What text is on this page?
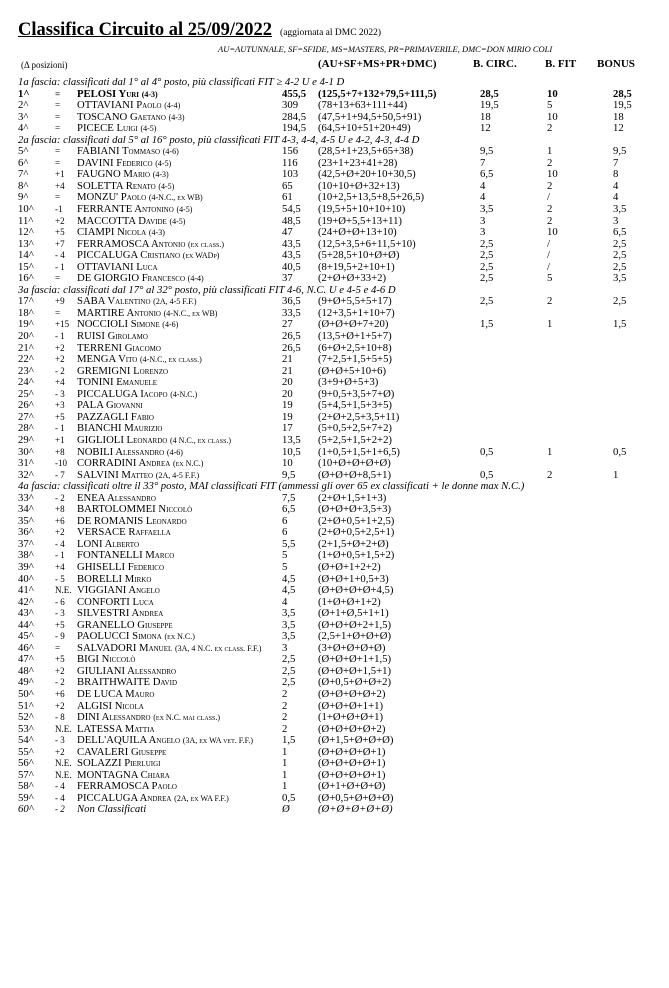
Classifica Circuito al 25/09/2022 (aggiornata al DMC 2022)
AU=AUTUNNALE, SF=SFIDE, MS=MASTERS, PR=PRIMAVERILE, DMC=DON MIRIO COLI
(Δ posizioni)	(AU+SF+MS+PR+DMC)	B. CIRC.	B. FIT BONUS
1a fascia: classificati dal 1° al 4° posto, più classificati FIT ≥ 4-2 U e 4-1 D
1^	= PELOSI Yuri (4-3)	455,5 (125,5+7+132+79,5+111,5)	28,5	10	28,5
2^	= OTTAVIANI Paolo (4-4)	309 (78+13+63+111+44)	19,5	5	19,5
3^	= TOSCANO Gaetano (4-3)	284,5 (47,5+1+94,5+50,5+91)	18	10	18
4^	= PICECE Luigi (4-5)	194,5 (64,5+10+51+20+49)	12	2	12
2a fascia: classificati dal 5° al 16° posto, più classificati FIT 4-3, 4-4, 4-5 U e 4-2, 4-3, 4-4 D
5^	= FABIANI Tommaso (4-6)	156 (28,5+1+23,5+65+38)	9,5	1	9,5
6^	= DAVINI Federico (4-5)	116 (23+1+23+41+28)	7	2	7
7^	+1 FAUGNO Mario (4-3)	103 (42,5+Ø+20+10+30,5)	6,5	10	8
8^	+4 SOLETTA Renato (4-5)	65 (10+10+Ø+32+13)	4	2	4
9^	= MONZU' Paolo (4-N.C., ex WB)	61 (10+2,5+13,5+8,5+26,5)	4	/	4
10^ -1 FERRANTE Antonino (4-5)	54,5 (19,5+5+10+10+10)	3,5	2	3,5
11^ +2 MACCOTTA Davide (4-5)	48,5 (19+Ø+5,5+13+11)	3	2	3
12^ +5 CIAMPI Nicola (4-3)	47 (24+Ø+Ø+13+10)	3	10	6,5
13^ +7 FERRAMOSCA Antonio (ex class.)	43,5 (12,5+3,5+6+11,5+10)	2,5	/	2,5
14^ - 4 PICCALUGA Cristiano (ex WADp)	43,5 (5+28,5+10+Ø+Ø)	2,5	/	2,5
15^ - 1 OTTAVIANI Luca	40,5 (8+19,5+2+10+1)	2,5	/	2,5
16^ = DE GIORGIO Francesco (4-4)	37 (2+Ø+Ø+33+2)	2,5	5	3,5
3a fascia: classificati dal 17° al 32° posto, più classificati FIT 4-6, N.C. U e 4-5 e 4-6 D
17^ +9 SABA Valentino (2A, 4-5 F.F.)	36,5 (9+Ø+5,5+5+17)	2,5	2	2,5
18^ = MARTIRE Antonio (4-N.C., ex WB)	33,5 (12+3,5+1+10+7)
19^ +15 NOCCIOLI Simone (4-6)	27 (Ø+Ø+Ø+7+20)	1,5	1	1,5
20^ - 1 RUISI Girolamo	26,5 (13,5+Ø+1+5+7)
21^ +2 TERRENI Giacomo	26,5 (6+Ø+2,5+10+8)
22^ +2 MENGA Vito (4-N.C., ex class.)	21 (7+2,5+1,5+5+5)
23^ - 2 GREMIGNI Lorenzo	21 (Ø+Ø+5+10+6)
24^ +4 TONINI Emanuele	20 (3+9+Ø+5+3)
25^ - 3 PICCALUGA Iacopo (4-N.C.)	20 (9+0,5+3,5+7+Ø)
26^ +3 PALA Giovanni	19 (5+4,5+1,5+3+5)
27^ +5 PAZZAGLI Fabio	19 (2+Ø+2,5+3,5+11)
28^ - 1 BIANCHI Maurizio	17 (5+0,5+2,5+7+2)
29^ +1 GIGLIOLI Leonardo (4 N.C., ex class.)	13,5 (5+2,5+1,5+2+2)
30^ +8 NOBILI Alessandro (4-6)	10,5 (1+0,5+1,5+1+6,5)	0,5	1	0,5
31^ -10 CORRADINI Andrea (ex N.C.)	10 (10+Ø+Ø+Ø+Ø)
32^ - 7 SALVINI Matteo (2A, 4-5 F.F.)	9,5 (Ø+Ø+Ø+8,5+1)	0,5	2	1
4a fascia: classificati oltre il 33° posto, MAI classificati FIT (ammessi gli over 65 ex classificati + le donne max N.C.)
33^ - 2 ENEA Alessandro	7,5 (2+Ø+1,5+1+3)
34^ +8 BARTOLOMMEI Niccolò	6,5 (Ø+Ø+Ø+3,5+3)
35^ +6 DE ROMANIS Leonardo	6	(2+Ø+0,5+1+2,5)
36^ +2 VERSACE Raffaella	6	(2+Ø+0,5+2,5+1)
37^ - 4 LONI Alberto	5,5 (2+1,5+Ø+2+Ø)
38^ - 1 FONTANELLI Marco	5	(1+Ø+0,5+1,5+2)
39^ +4 GHISELLI Federico	5	(Ø+Ø+1+2+2)
40^ - 5 BORELLI Mirko	4,5 (Ø+Ø+1+0,5+3)
41^ N.E. VIGGIANI Angelo	4,5 (Ø+Ø+Ø+Ø+4,5)
42^ - 6 CONFORTI Luca	4	(1+Ø+Ø+1+2)
43^ - 3 SILVESTRI Andrea	3,5 (Ø+1+Ø,5+1+1)
44^ +5 GRANELLO Giuseppe	3,5 (Ø+Ø+Ø+2+1,5)
45^ - 9 PAOLUCCI Simona (ex N.C.)	3,5 (2,5+1+Ø+Ø+Ø)
46^ = SALVADORI Manuel (3A, 4 N.C. ex class. F.F.) 3	(3+Ø+Ø+Ø+Ø)
47^ +5 BIGI Niccolò	2,5 (Ø+Ø+Ø+1+1,5)
48^ +2 GIULIANI Alessandro	2,5 (Ø+Ø+Ø+1,5+1)
49^ - 2 BRAITHWAITE David	2,5 (Ø+0,5+Ø+Ø+2)
50^ +6 DE LUCA Mauro	2	(Ø+Ø+Ø+Ø+2)
51^ +2 ALGISI Nicola	2	(Ø+Ø+Ø+1+1)
52^ - 8 DINI Alessandro (ex N.C. mai class.)	2	(1+Ø+Ø+Ø+1)
53^ N.E. LATESSA Mattia	2	(Ø+Ø+Ø+Ø+2)
54^ - 3 DELL'AQUILA Angelo (3A, ex WA vet. F.F.)	1,5 (Ø+1,5+Ø+Ø+Ø)
55^ +2 CAVALERI Giuseppe	1	(Ø+Ø+Ø+Ø+1)
56^ N.E. SOLAZZI Pierluigi	1	(Ø+Ø+Ø+Ø+1)
57^ N.E. MONTAGNA Chiara	1	(Ø+Ø+Ø+Ø+1)
58^ - 4 FERRAMOSCA Paolo	1	(Ø+1+Ø+Ø+Ø)
59^ - 4 PICCALUGA Andrea (2A, ex WA F.F.)	0,5 (Ø+0,5+Ø+Ø+Ø)
60^ - 2 Non Classificati	Ø	(Ø+Ø+Ø+Ø+Ø)
